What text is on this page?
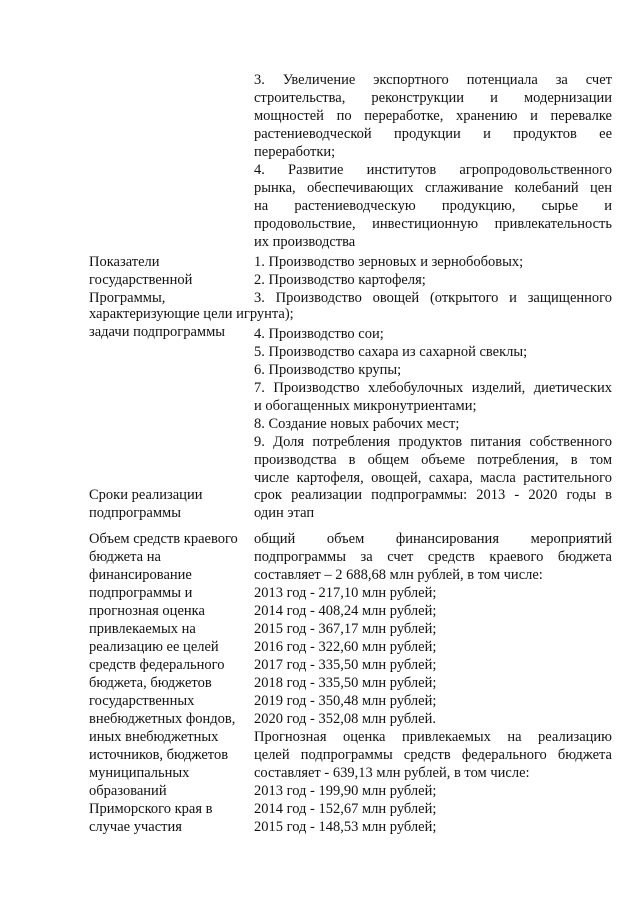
3. Увеличение экспортного потенциала за счет
строительства, реконструкции и модернизации
мощностей по переработке, хранению и перевалке
растениеводческой продукции и продуктов ее
переработки;
4. Развитие институтов агропродовольственного
рынка, обеспечивающих сглаживание колебаний цен
на растениеводческую продукцию, сырье и
продовольствие, инвестиционную привлекательность
их производства
Показатели
государственной
Программы,
характеризующие цели игрунта);
задачи подпрограммы
1. Производство зерновых и зернобобовых;
2. Производство картофеля;
3. Производство овощей (открытого и защищенного

4. Производство сои;
5. Производство сахара из сахарной свеклы;
6. Производство крупы;
7. Производство хлебобулочных изделий, диетических
и обогащенных микронутриентами;
8. Создание новых рабочих мест;
9. Доля потребления продуктов питания собственного
производства в общем объеме потребления, в том
числе картофеля, овощей, сахара, масла растительного
Сроки реализации
подпрограммы
срок реализации подпрограммы: 2013 - 2020 годы в
один этап
Объем средств краевого
бюджета на
финансирование
подпрограммы и
прогнозная оценка
привлекаемых на
реализацию ее целей
средств федерального
бюджета, бюджетов
государственных
внебюджетных фондов,
иных внебюджетных
источников, бюджетов
муниципальных
образований
Приморского края в
случае участия
общий объем финансирования мероприятий
подпрограммы за счет средств краевого бюджета
составляет – 2 688,68 млн рублей, в том числе:
2013 год - 217,10 млн рублей;
2014 год - 408,24 млн рублей;
2015 год - 367,17 млн рублей;
2016 год - 322,60 млн рублей;
2017 год - 335,50 млн рублей;
2018 год - 335,50 млн рублей;
2019 год - 350,48 млн рублей;
2020 год - 352,08 млн рублей.
Прогнозная оценка привлекаемых на реализацию
целей подпрограммы средств федерального бюджета
составляет - 639,13 млн рублей, в том числе:
2013 год - 199,90 млн рублей;
2014 год - 152,67 млн рублей;
2015 год - 148,53 млн рублей;
